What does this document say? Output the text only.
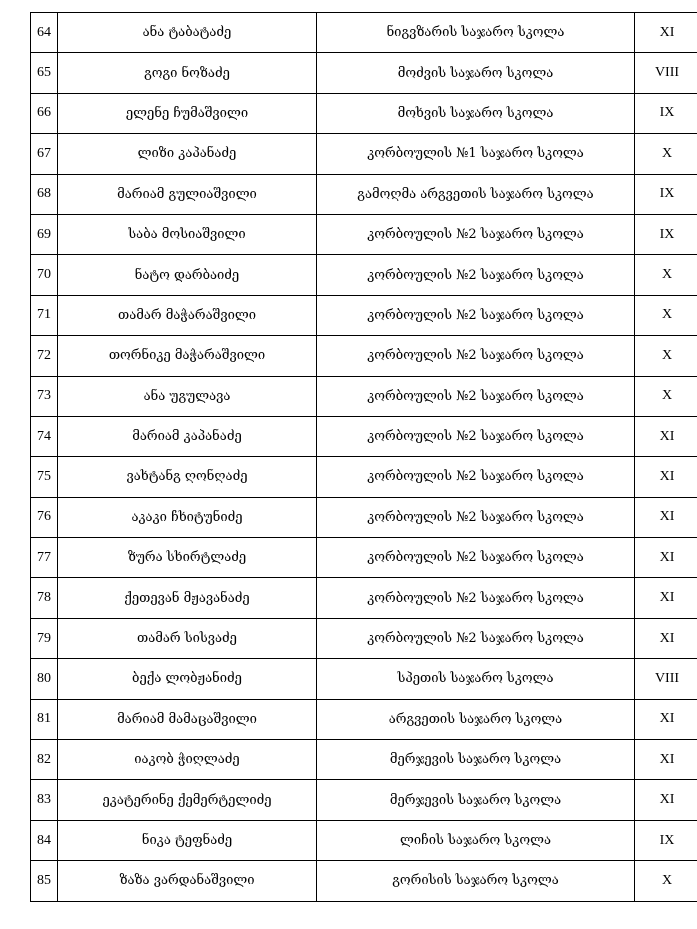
64	ანა ტაბატაძე	ნიგვზარის საჯარო სკოლა	XI
65	გოგი ნოზაძე	მოძვის საჯარო სკოლა	VIII
66	ელენე ჩუმაშვილი	მოხვის საჯარო სკოლა	IX
67	ლიზი კაპანაძე	კორბოულის №1 საჯარო სკოლა	X
68	მარიამ გულიაშვილი	გამოღმა არგვეთის საჯარო სკოლა	IX
69	საბა მოსიაშვილი	კორბოულის №2 საჯარო სკოლა	IX
70	ნატო დარბაიძე	კორბოულის №2 საჯარო სკოლა	X
71	თამარ მაჭარაშვილი	კორბოულის №2 საჯარო სკოლა	X
72	თორნიკე მაჭარაშვილი	კორბოულის №2 საჯარო სკოლა	X
73	ანა უგულავა	კორბოულის №2 საჯარო სკოლა	X
74	მარიამ კაპანაძე	კორბოულის №2 საჯარო სკოლა	XI
75	ვახტანგ ღონღაძე	კორბოულის №2 საჯარო სკოლა	XI
76	აკაკი ჩხიტუნიძე	კორბოულის №2 საჯარო სკოლა	XI
77	ზურა სხირტლაძე	კორბოულის №2 საჯარო სკოლა	XI
78	ქეთევან მჟავანაძე	კორბოულის №2 საჯარო სკოლა	XI
79	თამარ სისვაძე	კორბოულის №2 საჯარო სკოლა	XI
80	ბექა ლობჟანიძე	სპეთის საჯარო სკოლა	VIII
81	მარიამ მამაცაშვილი	არგვეთის საჯარო სკოლა	XI
82	იაკობ ჭიღლაძე	მერჯევის საჯარო სკოლა	XI
83	ეკატერინე ქემერტელიძე	მერჯევის საჯარო სკოლა	XI
84	ნიკა ტეფნაძე	ლიჩის საჯარო სკოლა	IX
85	ზაზა ვარდანაშვილი	გორისის საჯარო სკოლა	X
